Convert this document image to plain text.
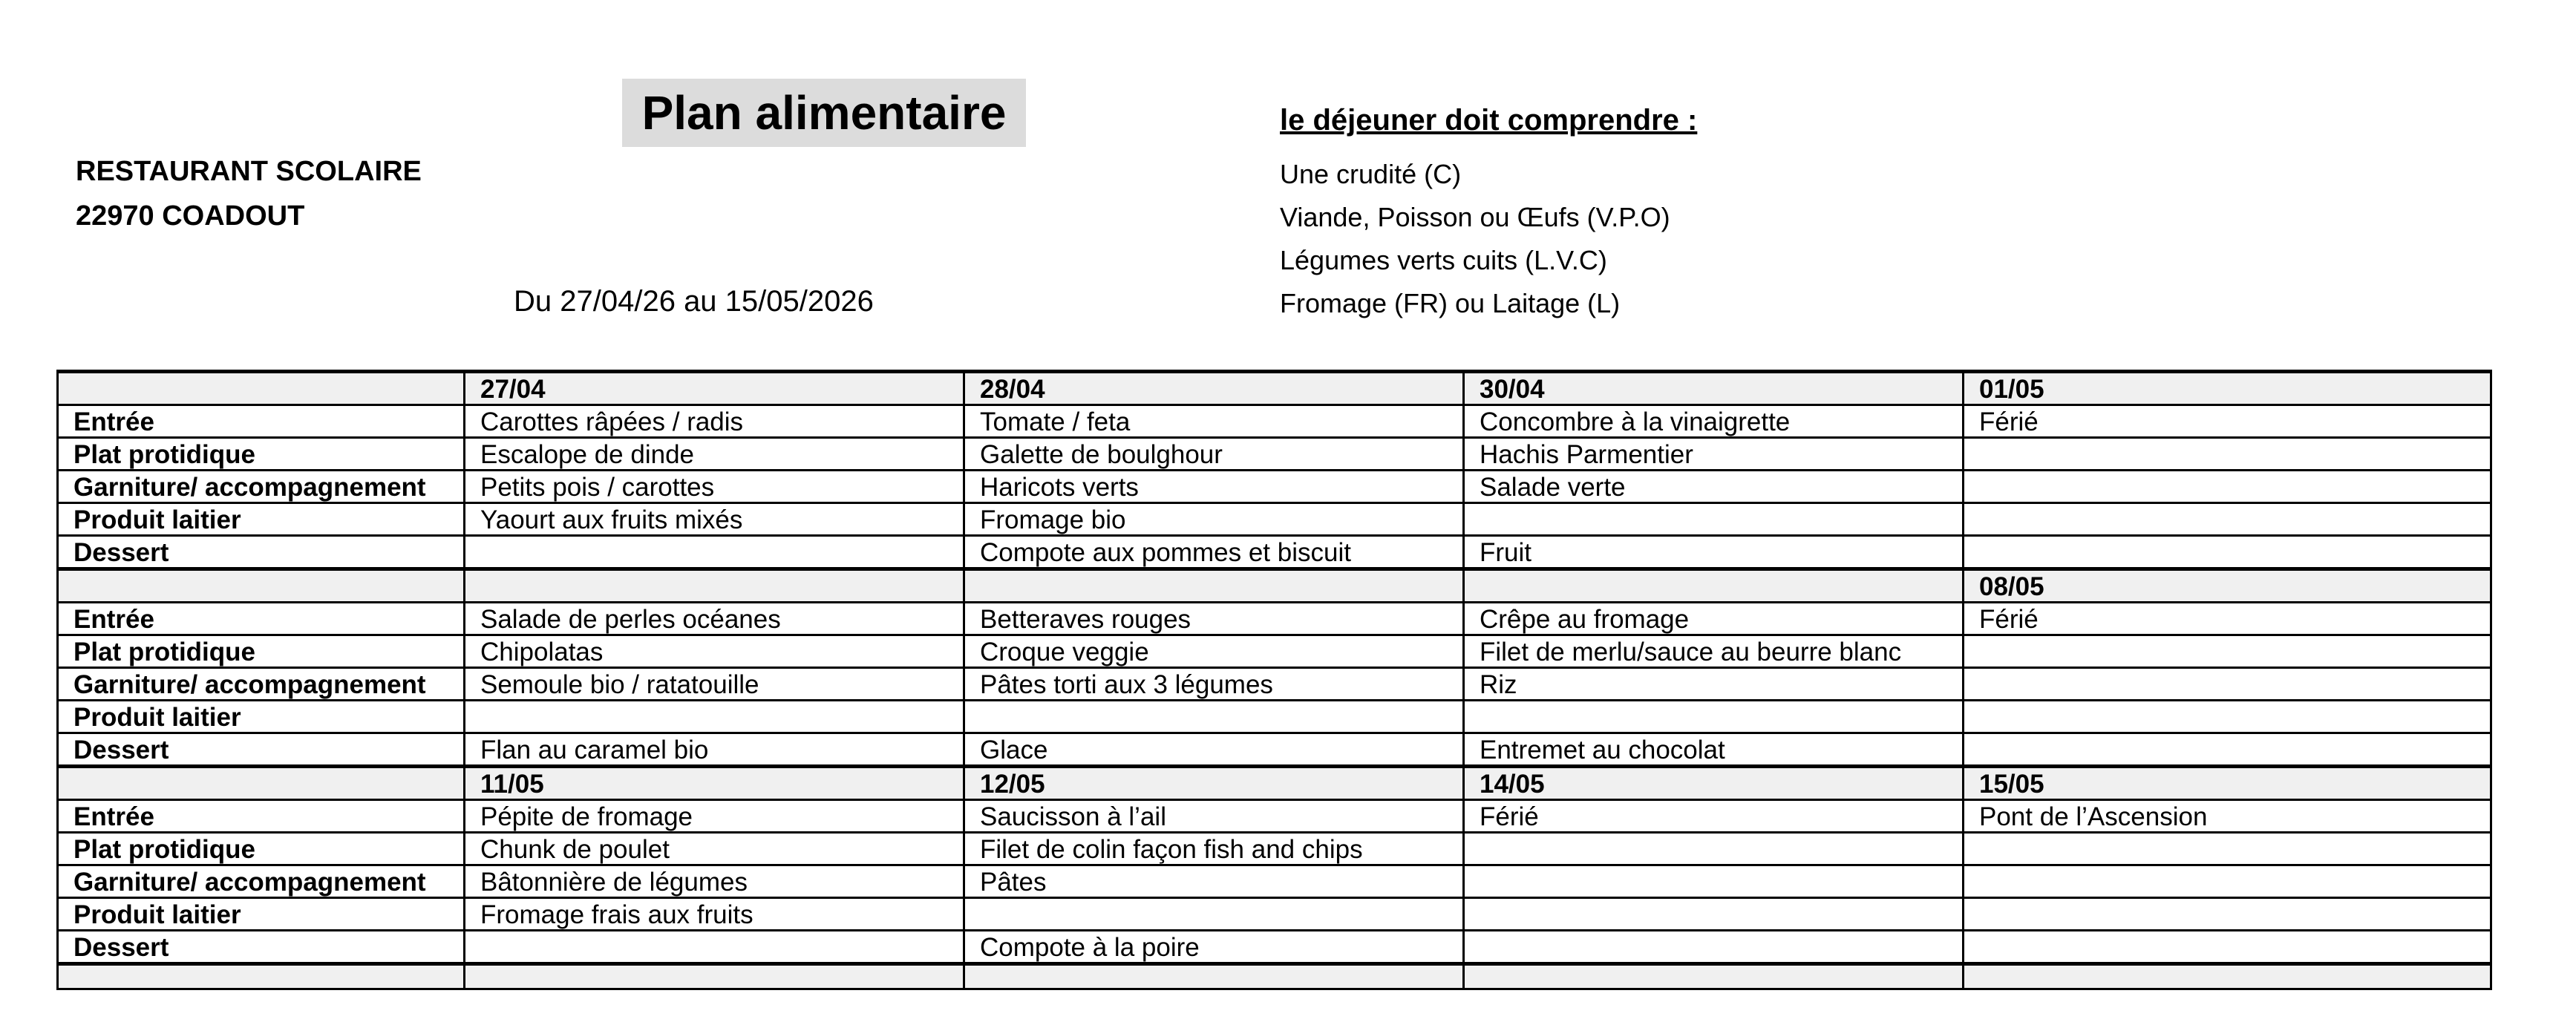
Plan alimentaire
RESTAURANT SCOLAIRE
22970 COADOUT
Du 27/04/26 au 15/05/2026
le déjeuner doit comprendre :
Une crudité (C)
Viande, Poisson ou Œufs (V.P.O)
Légumes verts cuits (L.V.C)
Fromage (FR) ou Laitage (L)
	27/04	28/04	30/04	01/05
Entrée	Carottes râpées / radis	Tomate / feta	Concombre à la vinaigrette	Férié
Plat protidique	Escalope de dinde	Galette de boulghour	Hachis Parmentier	
Garniture/ accompagnement	Petits pois / carottes	Haricots verts	Salade verte	
Produit laitier	Yaourt aux fruits mixés	Fromage bio		
Dessert		Compote aux pommes et biscuit	Fruit	
				08/05
Entrée	Salade de perles océanes	Betteraves rouges	Crêpe au fromage	Férié
Plat protidique	Chipolatas	Croque veggie	Filet de merlu/sauce au beurre blanc	
Garniture/ accompagnement	Semoule bio / ratatouille	Pâtes torti aux 3 légumes	Riz	
Produit laitier				
Dessert	Flan au caramel bio	Glace	Entremet au chocolat	
	11/05	12/05	14/05	15/05
Entrée	Pépite de fromage	Saucisson à l’ail	Férié	Pont de l’Ascension
Plat protidique	Chunk de poulet	Filet de colin façon fish and chips		
Garniture/ accompagnement	Bâtonnière de légumes	Pâtes		
Produit laitier	Fromage frais aux fruits			
Dessert		Compote à la poire		
